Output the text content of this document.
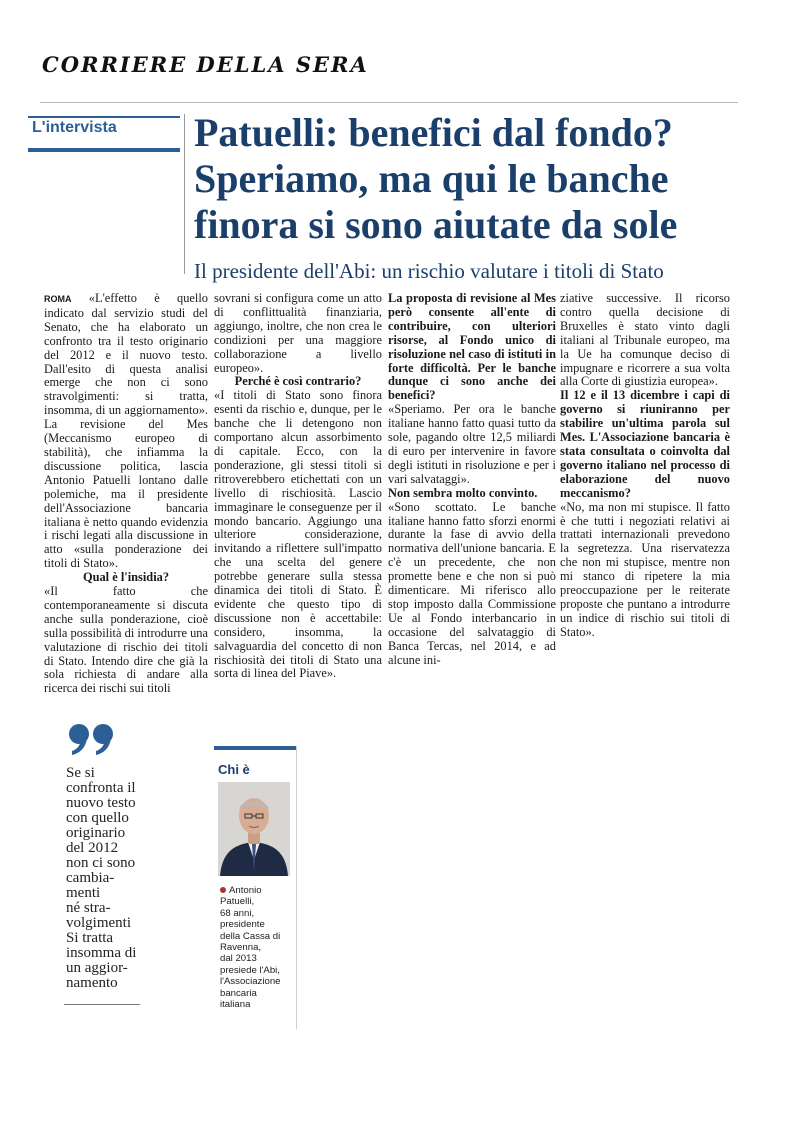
CORRIERE DELLA SERA
L'intervista Patuelli: benefici dal fondo?
Speriamo, ma qui le banche
finora si sono aiutate da sole
Il presidente dell'Abi: un rischio valutare i titoli di Stato

ROMA «L'effetto è quello indicato dal servizio studi del Senato, che ha elaborato un confronto tra il testo originario del 2012 e il nuovo testo. Dall'esito di questa analisi emerge che non ci sono stravolgimenti: si tratta, insomma, di un aggiornamento». La revisione del Mes (Meccanismo europeo di stabilità), che infiamma la discussione politica, lascia Antonio Patuelli lontano dalle polemiche, ma il presidente dell'Associazione bancaria italiana è netto quando evidenzia i rischi legati alla discussione in atto «sulla ponderazione dei titoli di Stato».

Qual è l'insidia?

«Il fatto che contemporaneamente si discuta anche sulla ponderazione, cioè sulla possibilità di introdurre una valutazione di rischio dei titoli di Stato. Intendo dire che già la sola richiesta di andare alla ricerca dei rischi sui titoli

sovrani si configura come un atto di conflittualità finanziaria, aggiungo, inoltre, che non crea le condizioni per una maggiore collaborazione a livello europeo».

Perché è così contrario?

«I titoli di Stato sono finora esenti da rischio e, dunque, per le banche che li detengono non comportano alcun assorbimento di capitale. Ecco, con la ponderazione, gli stessi titoli si ritroverebbero etichettati con un livello di rischiosità. Lascio immaginare le conseguenze per il mondo bancario. Aggiungo una ulteriore considerazione, invitando a riflettere sull'impatto che una scelta del genere potrebbe generare sulla stessa dinamica dei titoli di Stato. È evidente che questo tipo di discussione non è accettabile: considero, insomma, la salvaguardia del concetto di non rischiosità dei titoli di Stato una sorta di linea del Piave».

La proposta di revisione al Mes però consente all'ente di contribuire, con ulteriori risorse, al Fondo unico di risoluzione nel caso di istituti in forte difficoltà. Per le banche dunque ci sono anche dei benefici?

«Speriamo. Per ora le banche italiane hanno fatto quasi tutto da sole, pagando oltre 12,5 miliardi di euro per intervenire in favore degli istituti in risoluzione e per i vari salvataggi».

Non sembra molto convinto.

«Sono scottato. Le banche italiane hanno fatto sforzi enormi durante la fase di avvio della normativa dell'unione bancaria. E c'è un precedente, che non promette bene e che non si può dimenticare. Mi riferisco allo stop imposto dalla Commissione Ue al Fondo interbancario in occasione del salvataggio di Banca Tercas, nel 2014, e ad alcune ini-

ziative successive. Il ricorso contro quella decisione di Bruxelles è stato vinto dagli italiani al Tribunale europeo, ma la Ue ha comunque deciso di impugnare e ricorrere a sua volta alla Corte di giustizia europea».

Il 12 e il 13 dicembre i capi di governo si riuniranno per stabilire un'ultima parola sul Mes. L'Associazione bancaria è stata consultata o coinvolta dal governo italiano nel processo di elaborazione del nuovo meccanismo?

«No, ma non mi stupisce. Il fatto è che tutti i negoziati relativi ai trattati internazionali prevedono la segretezza. Una riservatezza che non mi stupisce, mentre non mi stanco di ripetere la mia preoccupazione per le reiterate proposte che puntano a introdurre un indice di rischio sui titoli di Stato».

Se si
confronta il
nuovo testo
con quello
originario
del 2012
non ci sono
cambia-
menti
né stra-
volgimenti
Si tratta
insomma di
un aggior-
namento
Chi è
Antonio
Patuelli,
68 anni,
presidente
della Cassa di
Ravenna,
dal 2013
presiede l'Abi,
l'Associazione
bancaria
italiana
